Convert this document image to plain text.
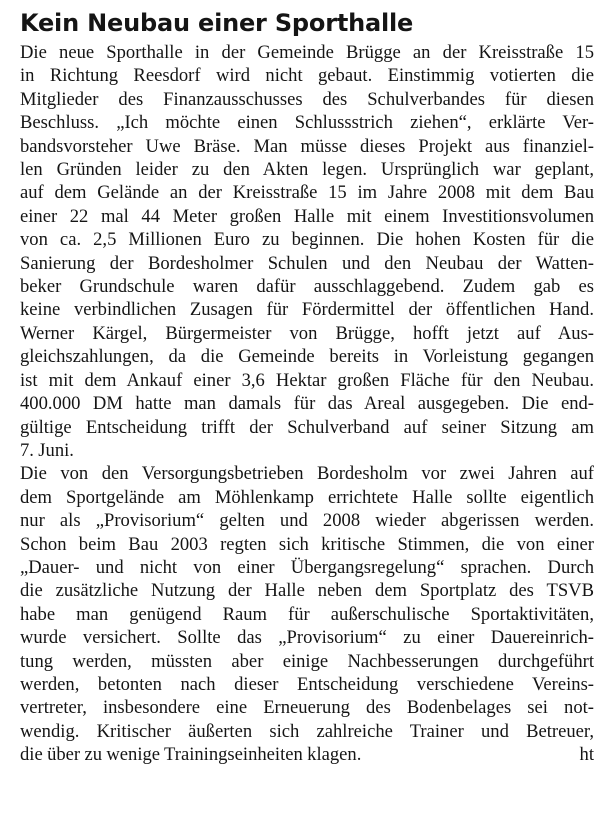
Kein Neubau einer Sporthalle

Die neue Sporthalle in der Gemeinde Brügge an der Kreisstraße 15
in Richtung Reesdorf wird nicht gebaut. Einstimmig votierten die
Mitglieder des Finanzausschusses des Schulverbandes für diesen
Beschluss. „Ich möchte einen Schlussstrich ziehen“, erklärte Ver-
bandsvorsteher Uwe Bräse. Man müsse dieses Projekt aus finanziel-
len Gründen leider zu den Akten legen. Ursprünglich war geplant,
auf dem Gelände an der Kreisstraße 15 im Jahre 2008 mit dem Bau
einer 22 mal 44 Meter großen Halle mit einem Investitionsvolumen
von ca. 2,5 Millionen Euro zu beginnen. Die hohen Kosten für die
Sanierung der Bordesholmer Schulen und den Neubau der Watten-
beker Grundschule waren dafür ausschlaggebend. Zudem gab es
keine verbindlichen Zusagen für Fördermittel der öffentlichen Hand.
Werner Kärgel, Bürgermeister von Brügge, hofft jetzt auf Aus-
gleichszahlungen, da die Gemeinde bereits in Vorleistung gegangen
ist mit dem Ankauf einer 3,6 Hektar großen Fläche für den Neubau.
400.000 DM hatte man damals für das Areal ausgegeben. Die end-
gültige Entscheidung trifft der Schulverband auf seiner Sitzung am
7. Juni.

Die von den Versorgungsbetrieben Bordesholm vor zwei Jahren auf
dem Sportgelände am Möhlenkamp errichtete Halle sollte eigentlich
nur als „Provisorium“ gelten und 2008 wieder abgerissen werden.
Schon beim Bau 2003 regten sich kritische Stimmen, die von einer
„Dauer- und nicht von einer Übergangsregelung“ sprachen. Durch
die zusätzliche Nutzung der Halle neben dem Sportplatz des TSVB
habe man genügend Raum für außerschulische Sportaktivitäten,
wurde versichert. Sollte das „Provisorium“ zu einer Dauereinrich-
tung werden, müssten aber einige Nachbesserungen durchgeführt
werden, betonten nach dieser Entscheidung verschiedene Vereins-
vertreter, insbesondere eine Erneuerung des Bodenbelages sei not-
wendig. Kritischer äußerten sich zahlreiche Trainer und Betreuer,

die über zu wenige Trainingseinheiten klagen.	ht
